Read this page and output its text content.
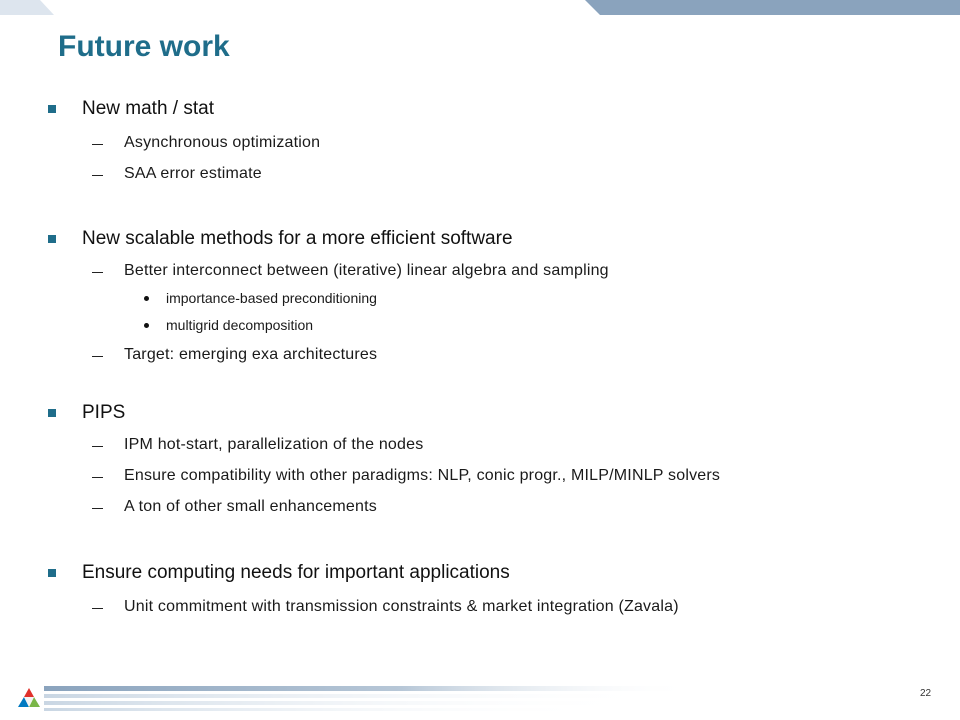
Future work
New math / stat
Asynchronous optimization
SAA error estimate
New scalable methods for a more efficient software
Better interconnect between (iterative) linear algebra and sampling
importance-based preconditioning
multigrid decomposition
Target: emerging exa architectures
PIPS
IPM hot-start, parallelization of the nodes
Ensure compatibility with other paradigms: NLP, conic progr., MILP/MINLP solvers
A ton of other small enhancements
Ensure computing needs for important applications
Unit commitment with transmission constraints & market integration (Zavala)
22
